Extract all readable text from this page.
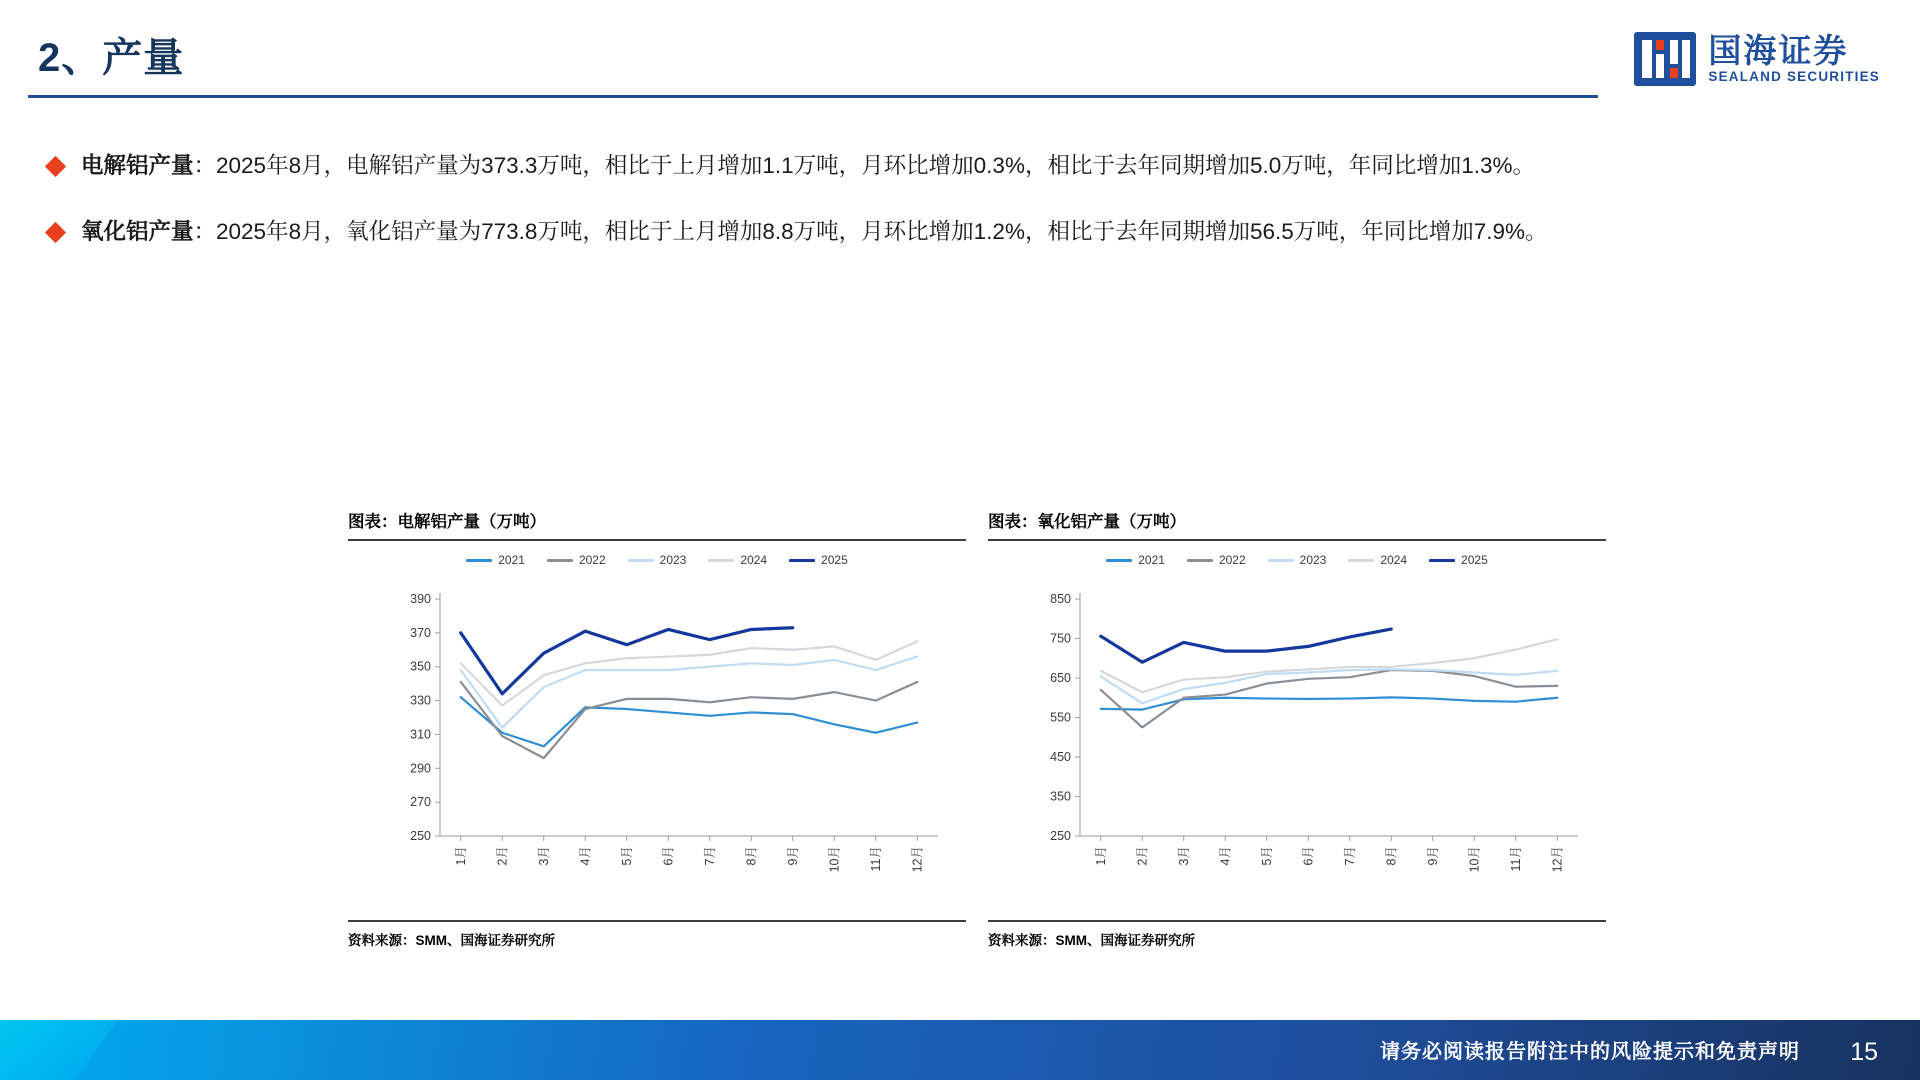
2、产量	国海证券
SEALAND SECURITIES
电解铝产量：2025年8月，电解铝产量为373.3万吨，相比于上月增加1.1万吨，月环比增加0.3%，相比于去年同期增加5.0万吨，年同比增加1.3%。
氧化铝产量：2025年8月，氧化铝产量为773.8万吨，相比于上月增加8.8万吨，月环比增加1.2%，相比于去年同期增加56.5万吨，年同比增加7.9%。
图表：电解铝产量（万吨）
2021	2022	2023	2024	2025
250
270
290
310
330
350
370
390
1月 2月 3月 4月 5月 6月 7月 8月 9月 10月 11月 12月
资料来源：SMM、国海证券研究所
图表：氧化铝产量（万吨）
2021	2022	2023	2024	2025
250
350
450
550
650
750
850
1月 2月 3月 4月 5月 6月 7月 8月 9月 10月 11月 12月
资料来源：SMM、国海证券研究所
请务必阅读报告附注中的风险提示和免责声明 15
